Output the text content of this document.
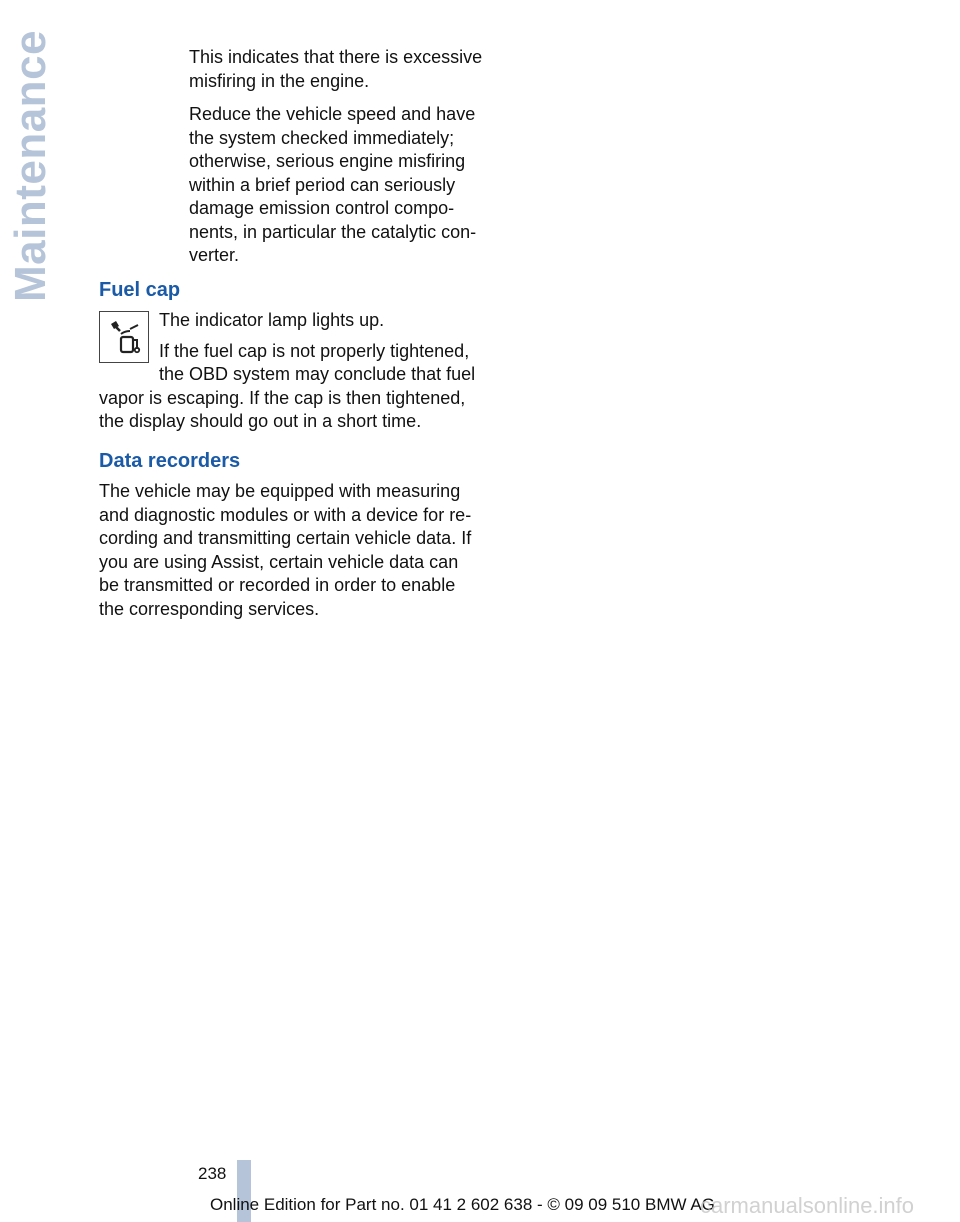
Maintenance	This indicates that there is excessive misfiring in the engine.

Reduce the vehicle speed and have the system checked immediately; otherwise, serious engine misfiring within a brief period can seriously damage emission control compo-nents, in particular the catalytic con-verter.

Fuel cap

The indicator lamp lights up.

If the fuel cap is not properly tightened, the OBD system may conclude that fuel vapor is escaping. If the cap is then tightened, the display should go out in a short time.

Data recorders

The vehicle may be equipped with measuring and diagnostic modules or with a device for re-cording and transmitting certain vehicle data. If you are using Assist, certain vehicle data can be transmitted or recorded in order to enable the corresponding services.

238
Online Edition for Part no. 01 41 2 602 638 - © 09 09 510 BMW AG
carmanualsonline.info
